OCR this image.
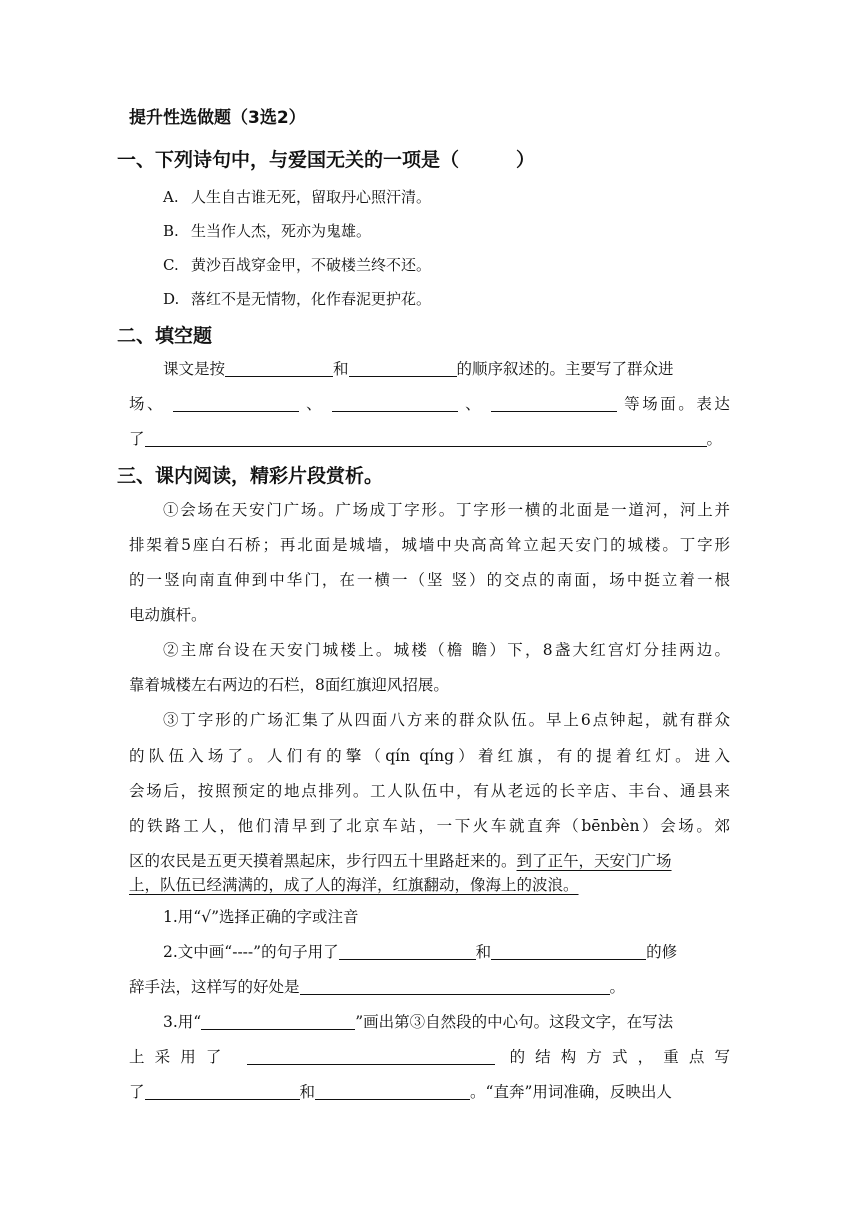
提升性选做题（3选2）
一、下列诗句中，与爱国无关的一项是（　　　）
A. 人生自古谁无死，留取丹心照汗清。
B. 生当作人杰，死亦为鬼雄。
C. 黄沙百战穿金甲，不破楼兰终不还。
D. 落红不是无情物，化作春泥更护花。
二、填空题
课文是按	和	的顺序叙述的。主要写了群众进
场、	、	、	等场面。表达
了	。
三、课内阅读，精彩片段赏析。
①会场在天安门广场。广场成丁字形。丁字形一横的北面是一道河，河上并
排架着5座白石桥；再北面是城墙，城墙中央高高耸立起天安门的城楼。丁字形
的一竖向南直伸到中华门，在一横一（坚 竖）的交点的南面，场中挺立着一根
电动旗杆。
②主席台设在天安门城楼上。城楼（檐 瞻）下，8盏大红宫灯分挂两边。
靠着城楼左右两边的石栏，8面红旗迎风招展。
③丁字形的广场汇集了从四面八方来的群众队伍。早上6点钟起，就有群众
的队伍入场了。人们有的擎（qín qíng）着红旗，有的提着红灯。进入
会场后，按照预定的地点排列。工人队伍中，有从老远的长辛店、丰台、通县来
的铁路工人，他们清早到了北京车站，一下火车就直奔（bēnbèn）会场。郊
区的农民是五更天摸着黑起床，步行四五十里路赶来的。到了正午，天安门广场
上，队伍已经满满的，成了人的海洋，红旗翻动，像海上的波浪。
1.用“√”选择正确的字或注音
2.文中画“----”的句子用了	和	的修
辞手法，这样写的好处是	。
3.用“	”画出第③自然段的中心句。这段文字，在写法
上采用了	的结构方式，重点写
了	和	。“直奔”用词准确，反映出人
